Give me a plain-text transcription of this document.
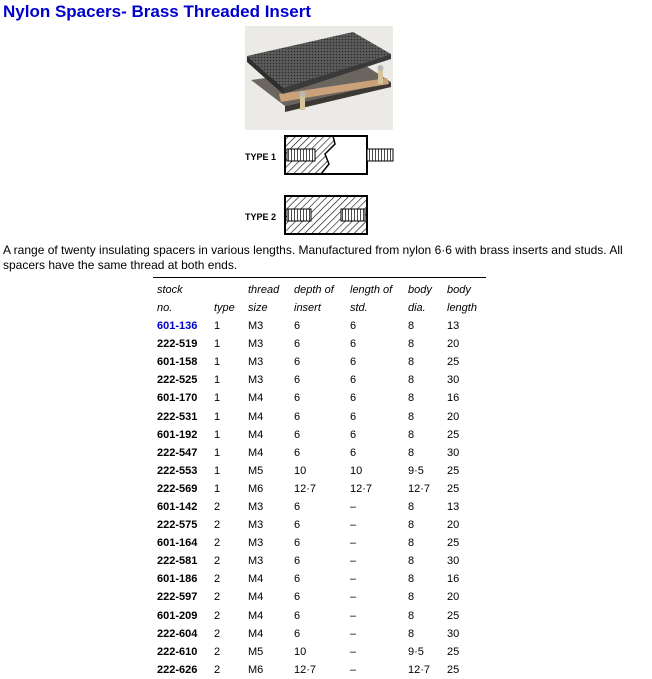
Nylon Spacers- Brass Threaded Insert
TYPE 1
TYPE 2

A range of twenty insulating spacers in various lengths. Manufactured from nylon 6·6 with brass inserts and studs. All spacers have the same thread at both ends.

stock		thread	depth of	length of	body	body
no.	type	size	insert	std.	dia.	length
601-136	1	M3	6	6	8	13
222-519	1	M3	6	6	8	20
601-158	1	M3	6	6	8	25
222-525	1	M3	6	6	8	30
601-170	1	M4	6	6	8	16
222-531	1	M4	6	6	8	20
601-192	1	M4	6	6	8	25
222-547	1	M4	6	6	8	30
222-553	1	M5	10	10	9·5	25
222-569	1	M6	12·7	12·7	12·7	25
601-142	2	M3	6	–	8	13
222-575	2	M3	6	–	8	20
601-164	2	M3	6	–	8	25
222-581	2	M3	6	–	8	30
601-186	2	M4	6	–	8	16
222-597	2	M4	6	–	8	20
601-209	2	M4	6	–	8	25
222-604	2	M4	6	–	8	30
222-610	2	M5	10	–	9·5	25
222-626	2	M6	12·7	–	12·7	25
